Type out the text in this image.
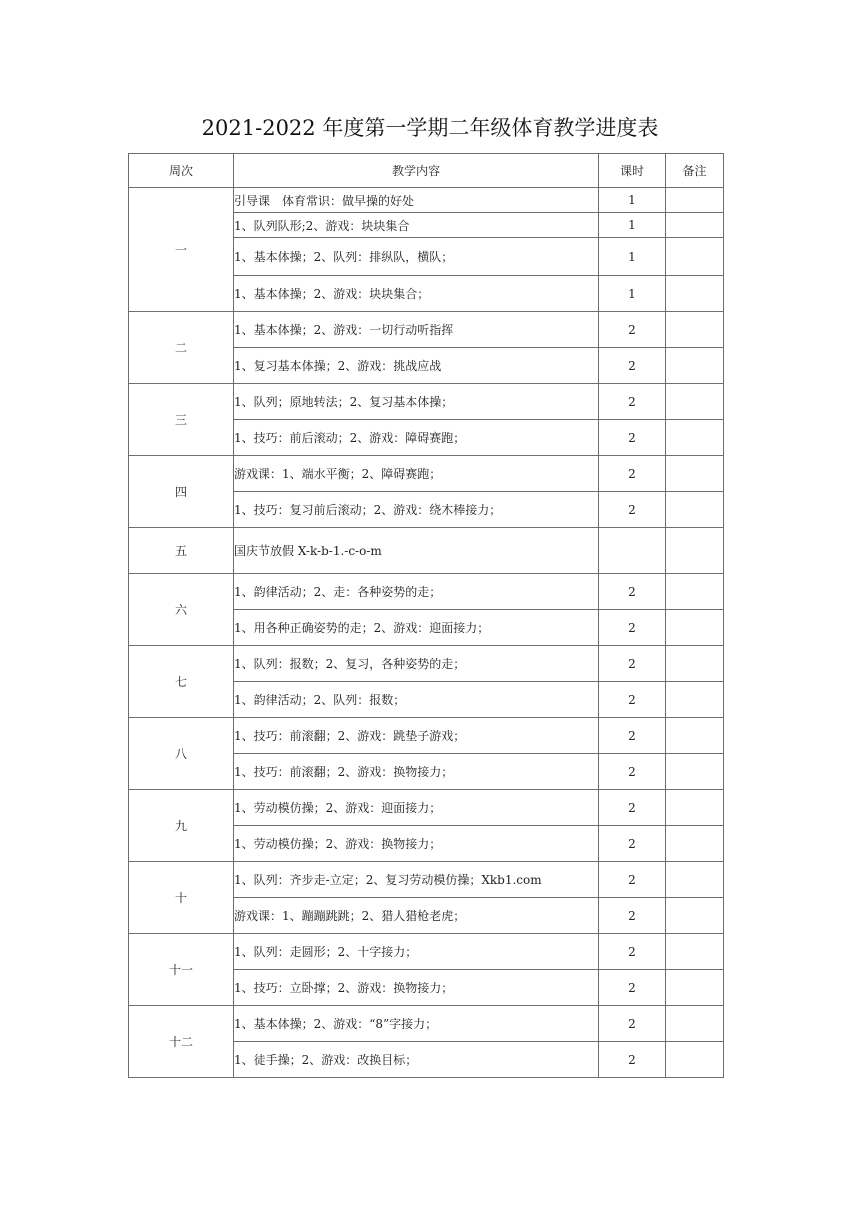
2021-2022 年度第一学期二年级体育教学进度表
周次	教学内容	课时	备注
一	引导课　体育常识：做早操的好处	1	
	1、队列队形;2、游戏：块块集合	1	
	1、基本体操；2、队列：排纵队，横队；	1	
	1、基本体操；2、游戏：块块集合；	1	
二	1、基本体操；2、游戏：一切行动听指挥	2	
	1、复习基本体操；2、游戏：挑战应战	2	
三	1、队列；原地转法；2、复习基本体操；	2	
	1、技巧：前后滚动；2、游戏：障碍赛跑；	2	
四	游戏课：1、端水平衡；2、障碍赛跑；	2	
	1、技巧：复习前后滚动；2、游戏：绕木棒接力；	2	
五	国庆节放假 X-k-b-1.-c-o-m		
六	1、韵律活动；2、走：各种姿势的走；	2	
	1、用各种正确姿势的走；2、游戏：迎面接力；	2	
七	1、队列：报数；2、复习，各种姿势的走；	2	
	1、韵律活动；2、队列：报数；	2	
八	1、技巧：前滚翻；2、游戏：跳垫子游戏；	2	
	1、技巧：前滚翻；2、游戏：换物接力；	2	
九	1、劳动模仿操；2、游戏：迎面接力；	2	
	1、劳动模仿操；2、游戏：换物接力；	2	
十	1、队列：齐步走-立定；2、复习劳动模仿操；Xkb1.com	2	
	游戏课：1、蹦蹦跳跳；2、猎人猎枪老虎；	2	
十一	1、队列：走圆形；2、十字接力；	2	
	1、技巧：立卧撑；2、游戏：换物接力；	2	
十二	1、基本体操；2、游戏：“8”字接力；	2	
	1、徒手操；2、游戏：改换目标；	2	
